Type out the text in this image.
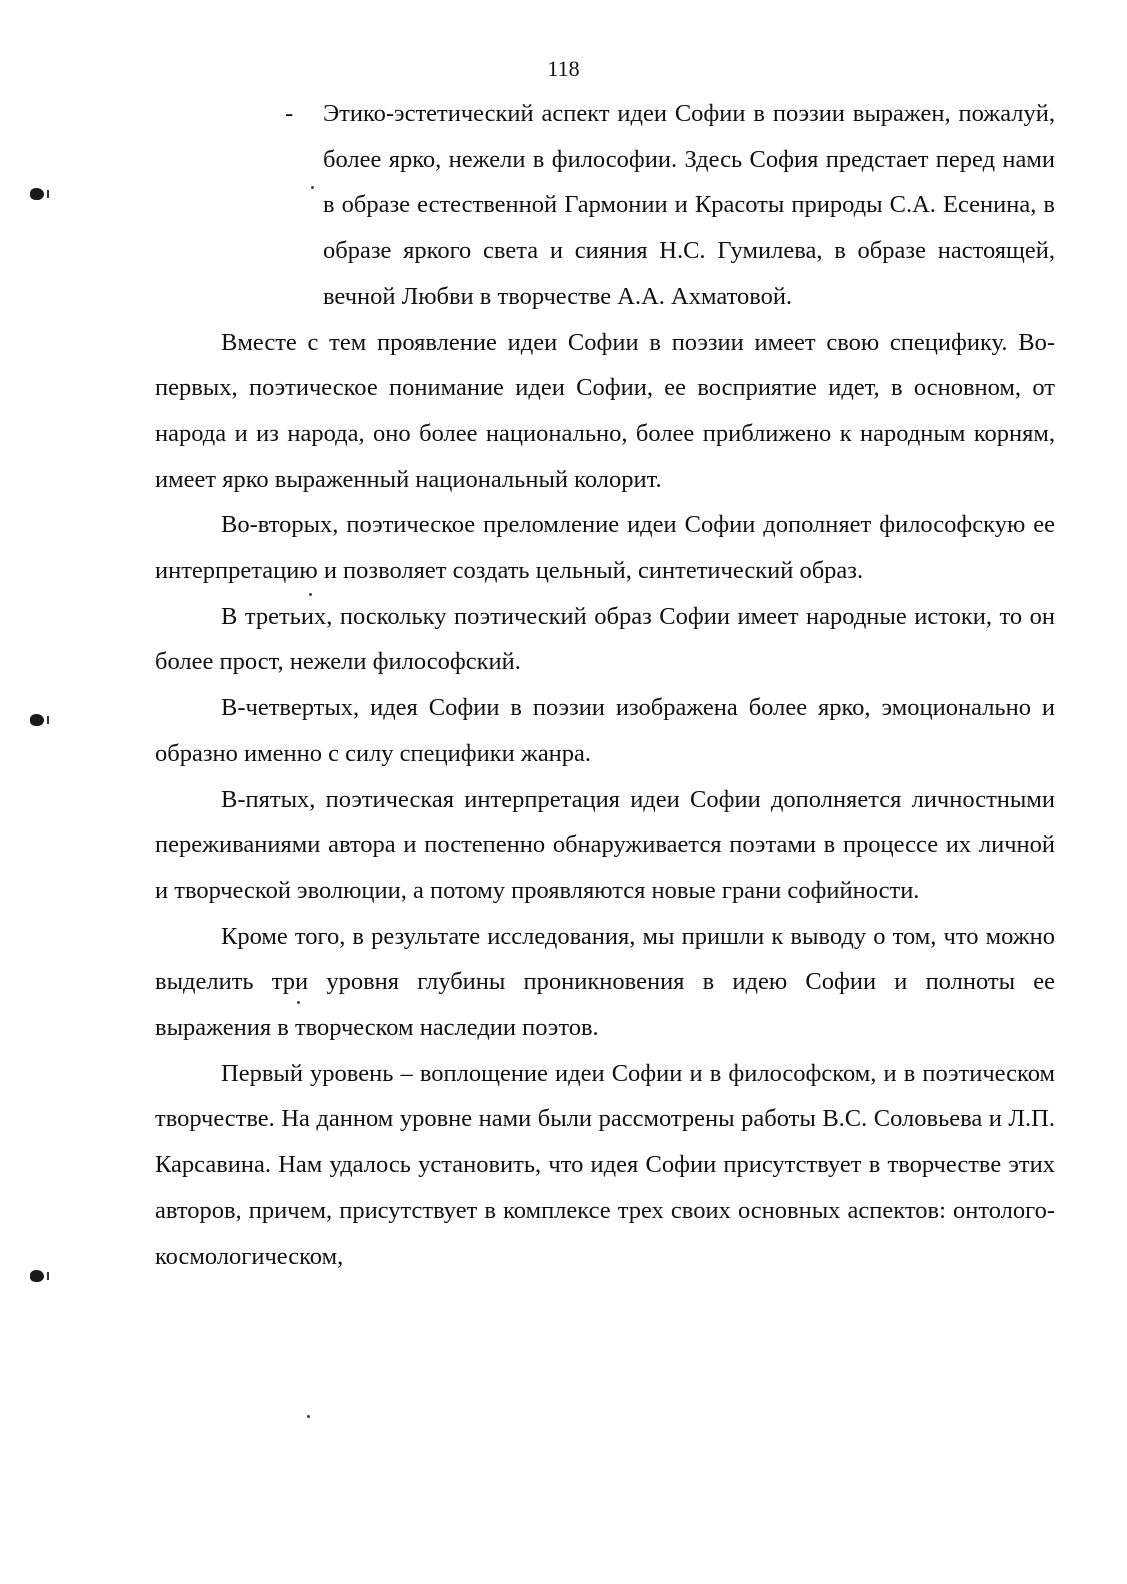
118
- Этико-эстетический аспект идеи Софии в поэзии выражен, пожалуй, более ярко, нежели в философии. Здесь София предстает перед нами в образе естественной Гармонии и Красоты природы С.А. Есенина, в образе яркого света и сияния Н.С. Гумилева, в образе настоящей, вечной Любви в творчестве А.А. Ахматовой.

Вместе с тем проявление идеи Софии в поэзии имеет свою специфику. Во-первых, поэтическое понимание идеи Софии, ее восприятие идет, в основном, от народа и из народа, оно более национально, более приближено к народным корням, имеет ярко выраженный национальный колорит.

Во-вторых, поэтическое преломление идеи Софии дополняет философскую ее интерпретацию и позволяет создать цельный, синтетический образ.

В третьих, поскольку поэтический образ Софии имеет народные истоки, то он более прост, нежели философский.

В-четвертых, идея Софии в поэзии изображена более ярко, эмоционально и образно именно с силу специфики жанра.

В-пятых, поэтическая интерпретация идеи Софии дополняется личностными переживаниями автора и постепенно обнаруживается поэтами в процессе их личной и творческой эволюции, а потому проявляются новые грани софийности.

Кроме того, в результате исследования, мы пришли к выводу о том, что можно выделить три уровня глубины проникновения в идею Софии и полноты ее выражения в творческом наследии поэтов.

Первый уровень – воплощение идеи Софии и в философском, и в поэтическом творчестве. На данном уровне нами были рассмотрены работы В.С. Соловьева и Л.П. Карсавина. Нам удалось установить, что идея Софии присутствует в творчестве этих авторов, причем, присутствует в комплексе трех своих основных аспектов: онтолого-космологическом,
